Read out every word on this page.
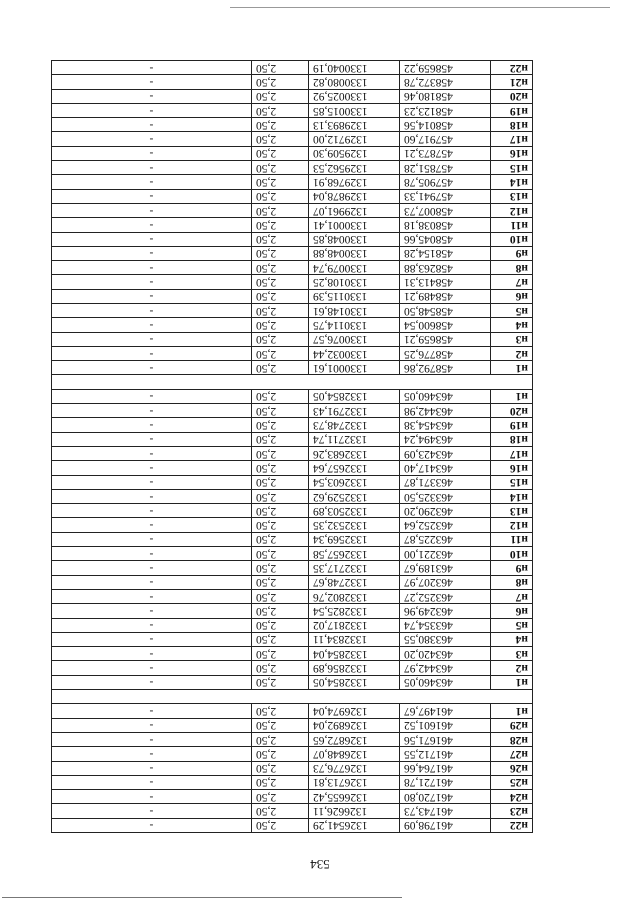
534
н22	461798,09	1326541,29	2,50	-
н23	461743,73	1326626,11	2,50	-
н24	461720,80	1326655,42	2,50	-
н25	461721,78	1326713,81	2,50	-
н26	461764,66	1326776,73	2,50	-
н27	461712,55	1326848,07	2,50	-
н28	461671,56	1326872,65	2,50	-
н29	461601,52	1326892,04	2,50	-
н1	461497,67	1326974,04	2,50	-

н1	463460,05	1332854,05	2,50	-
н2	463442,97	1332856,89	2,50	-
н3	463420,20	1332854,04	2,50	-
н4	463380,55	1332834,11	2,50	-
н5	463354,74	1332817,02	2,50	-
н6	463249,96	1332825,54	2,50	-
н7	463252,27	1332802,76	2,50	-
н8	463207,97	1332748,67	2,50	-
н9	463189,67	1332717,35	2,50	-
н10	463221,00	1332657,58	2,50	-
н11	463225,87	1332569,34	2,50	-
н12	463252,64	1332532,35	2,50	-
н13	463290,20	1332503,89	2,50	-
н14	463325,50	1332529,62	2,50	-
н15	463371,87	1332603,54	2,50	-
н16	463417,40	1332657,64	2,50	-
н17	463423,09	1332683,26	2,50	-
н18	463494,24	1332711,74	2,50	-
н19	463454,38	1332748,73	2,50	-
н20	463442,98	1332791,43	2,50	-
н1	463460,05	1332854,05	2,50	-

н1	458792,86	1330001,61	2,50	-
н2	458776,25	1330032,44	2,50	-
н3	458659,21	1330076,57	2,50	-
н4	458600,54	1330114,75	2,50	-
н5	458548,50	1330148,61	2,50	-
н6	458489,21	1330115,39	2,50	-
н7	458413,31	1330108,25	2,50	-
н8	458263,88	1330079,74	2,50	-
н9	458154,28	1330048,88	2,50	-
н10	458045,66	1330048,85	2,50	-
н11	458038,18	1330001,41	2,50	-
н12	458007,73	1329961,07	2,50	-
н13	457941,33	1329878,04	2,50	-
н14	457905,78	1329768,91	2,50	-
н15	457851,28	1329562,53	2,50	-
н16	457873,21	1329509,30	2,50	-
н17	457917,60	1329712,00	2,50	-
н18	458014,56	1329893,13	2,50	-
н19	458123,23	1330015,85	2,50	-
н20	458180,46	1330025,92	2,50	-
н21	458372,78	1330080,82	2,50	-
н22	458659,22	1330040,19	2,50	-
